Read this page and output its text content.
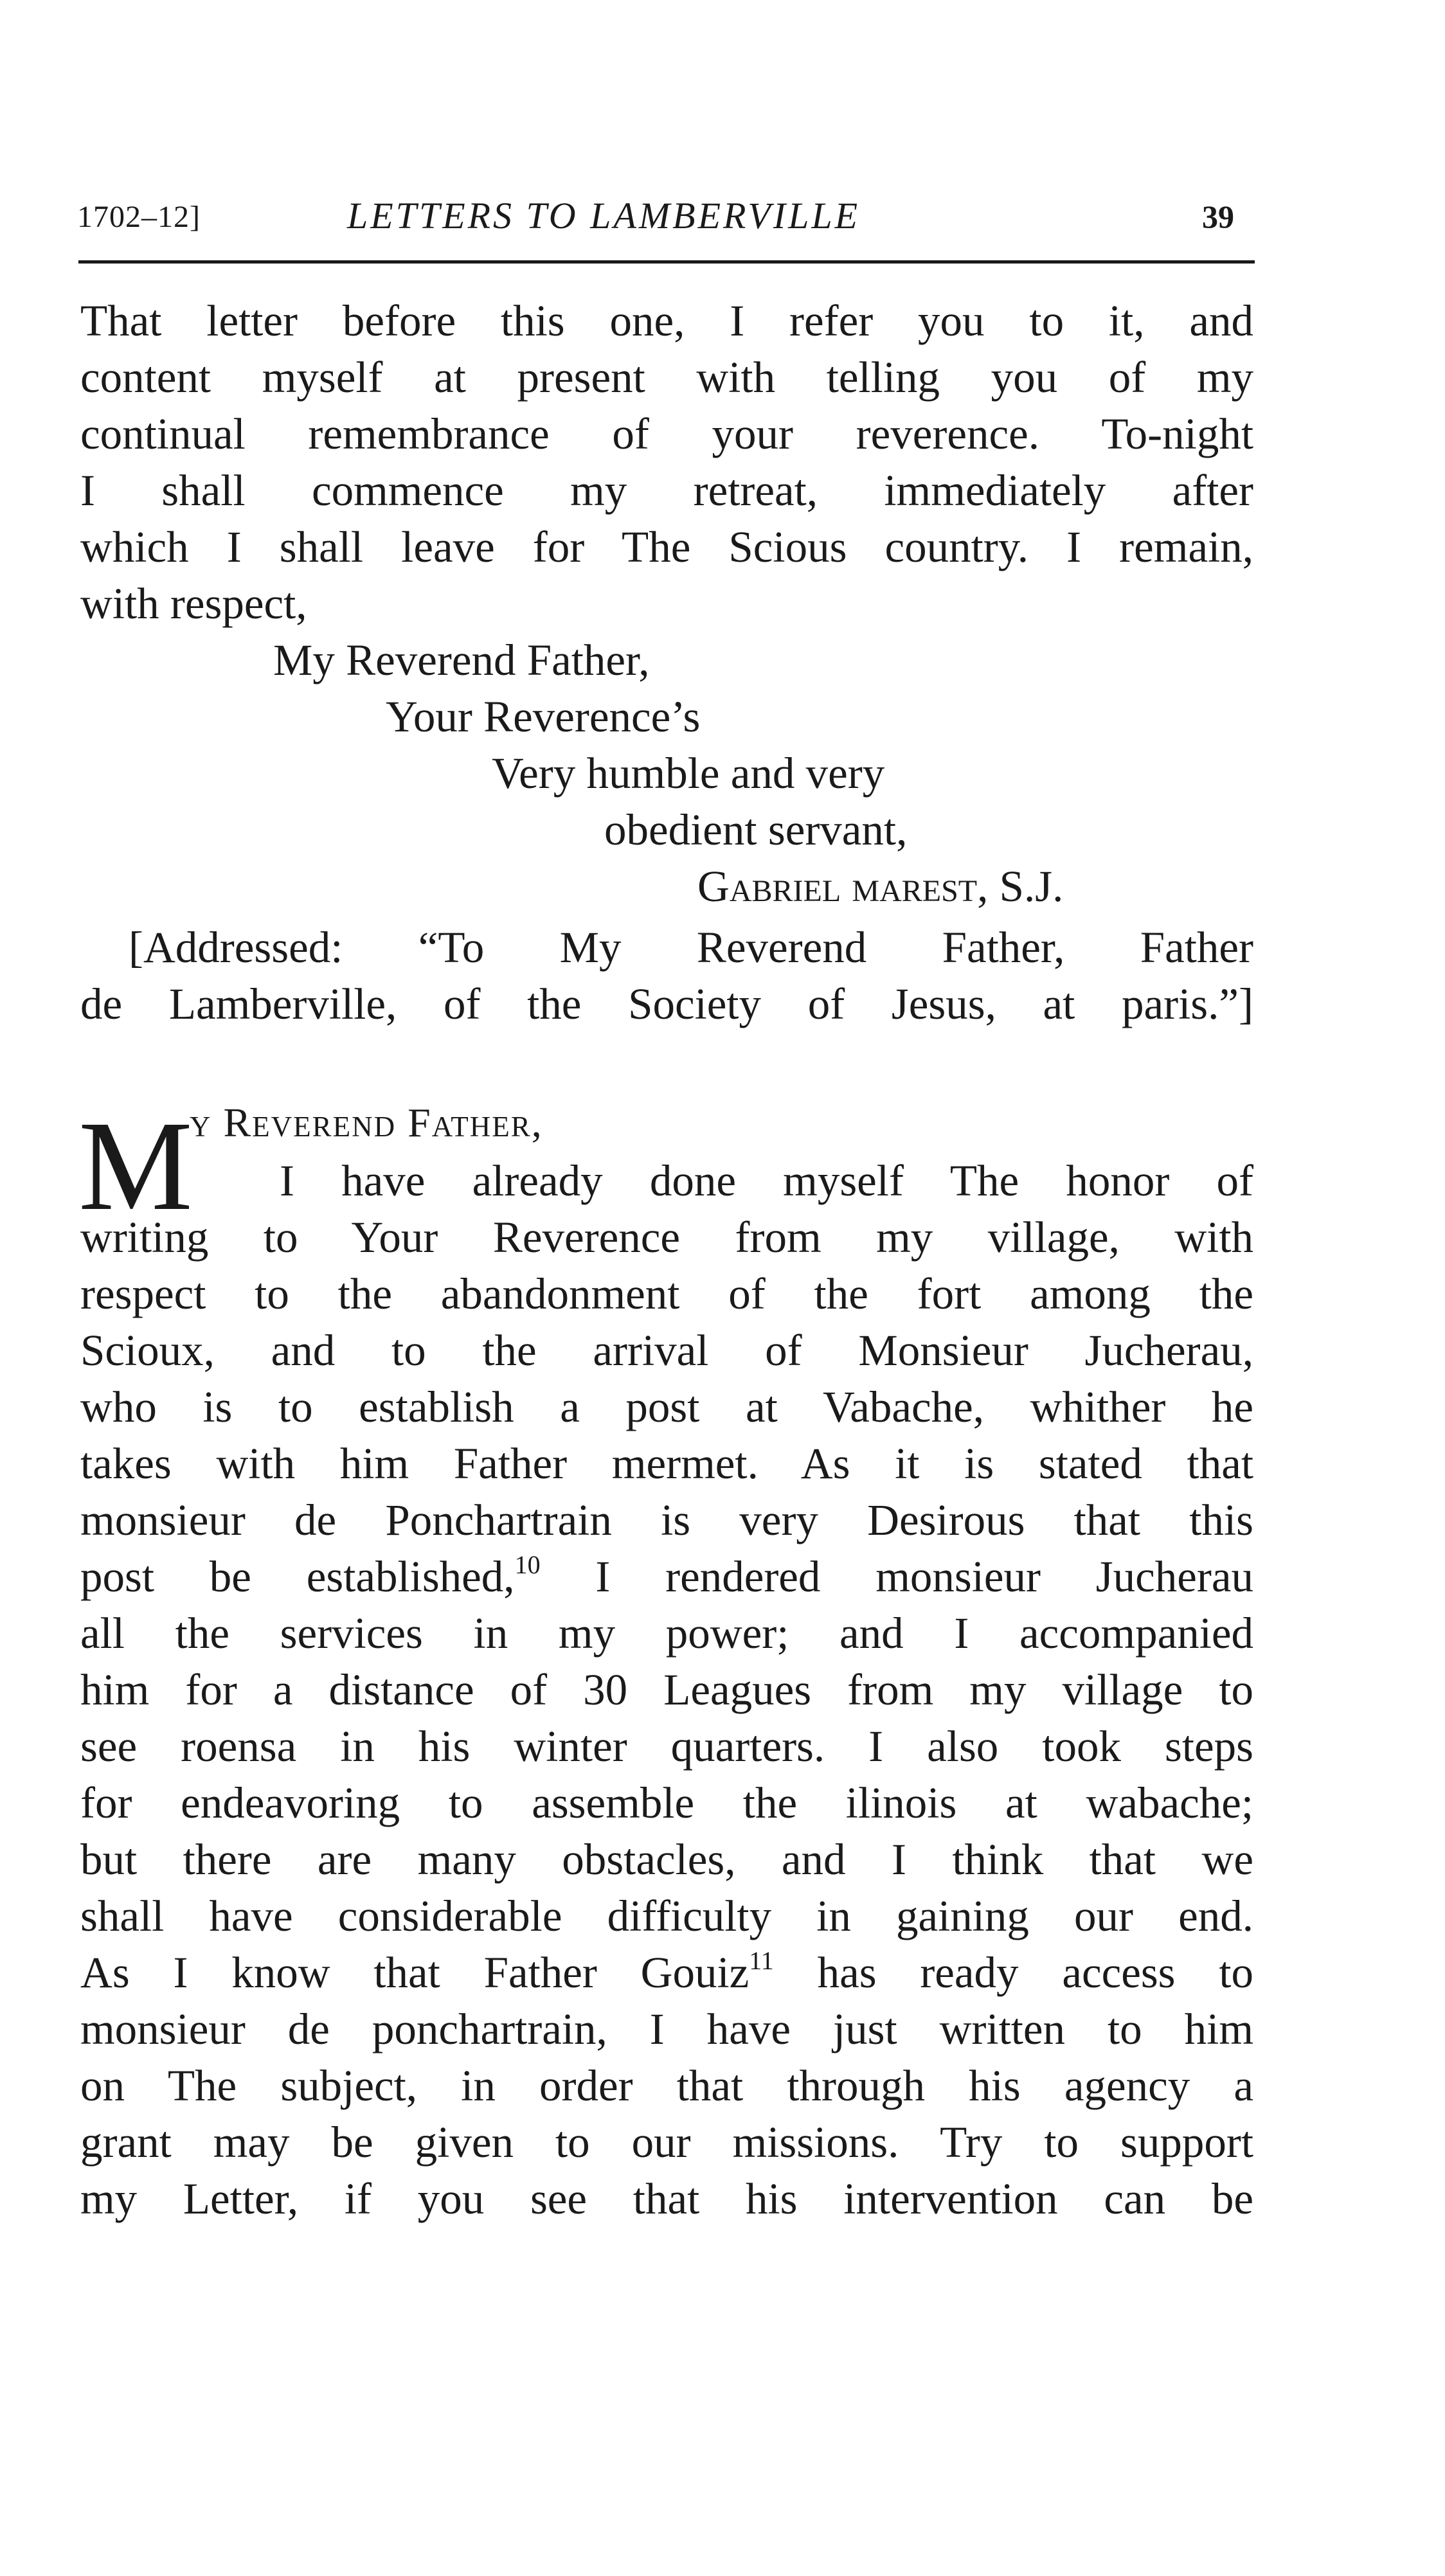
1702–12]	LETTERS TO LAMBERVILLE	39
That letter before this one, I refer you to it, and
content myself at present with telling you of my
continual remembrance of your reverence. To-night
I shall commence my retreat, immediately after
which I shall leave for The Scious country. I remain,
with respect,
My Reverend Father,
Your Reverence’s
Very humble and very
obedient servant,
Gabriel marest, S.J.
[Addressed: “To My Reverend Father, Father
de Lamberville, of the Society of Jesus, at paris.”]
M
y Reverend Father,
I have already done myself The honor of
writing to Your Reverence from my village, with
respect to the abandonment of the fort among the
Scioux, and to the arrival of Monsieur Jucherau,
who is to establish a post at Vabache, whither he
takes with him Father mermet. As it is stated that
monsieur de Ponchartrain is very Desirous that this
post be established,$^{10}$ I rendered monsieur Jucherau
all the services in my power; and I accompanied
him for a distance of 30 Leagues from my village to
see roensa in his winter quarters. I also took steps
for endeavoring to assemble the ilinois at wabache;
but there are many obstacles, and I think that we
shall have considerable difficulty in gaining our end.
As I know that Father Gouiz$^{11}$ has ready access to
monsieur de ponchartrain, I have just written to him
on The subject, in order that through his agency a
grant may be given to our missions. Try to support
my Letter, if you see that his intervention can be
